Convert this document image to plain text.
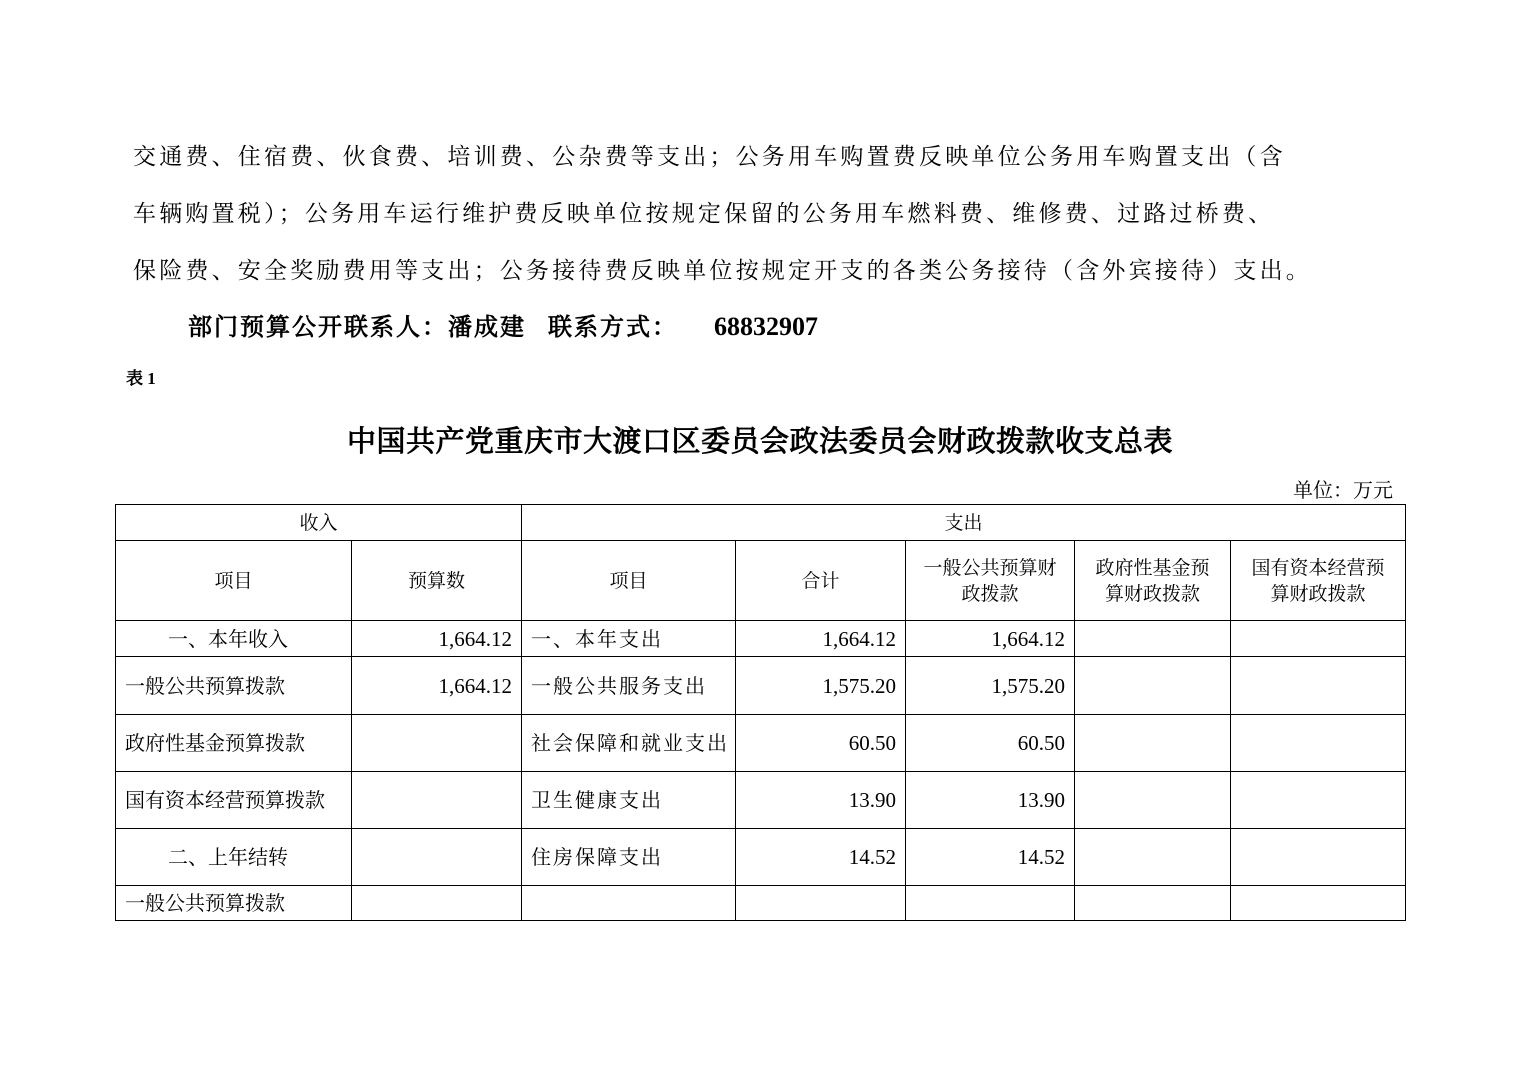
交通费、住宿费、伙食费、培训费、公杂费等支出；公务用车购置费反映单位公务用车购置支出（含
车辆购置税）；公务用车运行维护费反映单位按规定保留的公务用车燃料费、维修费、过路过桥费、
保险费、安全奖励费用等支出；公务接待费反映单位按规定开支的各类公务接待（含外宾接待）支出。
部门预算公开联系人：潘成建 联系方式： 68832907
表 1
中国共产党重庆市大渡口区委员会政法委员会财政拨款收支总表
单位：万元
收入		支出				
项目	预算数	项目	合计	一般公共预算财政拨款	政府性基金预算财政拨款	国有资本经营预算财政拨款
一、本年收入	1,664.12	一、本年支出	1,664.12	1,664.12		
一般公共预算拨款	1,664.12	一般公共服务支出	1,575.20	1,575.20		
政府性基金预算拨款		社会保障和就业支出	60.50	60.50		
国有资本经营预算拨款		卫生健康支出	13.90	13.90		
二、上年结转		住房保障支出	14.52	14.52		
一般公共预算拨款						
